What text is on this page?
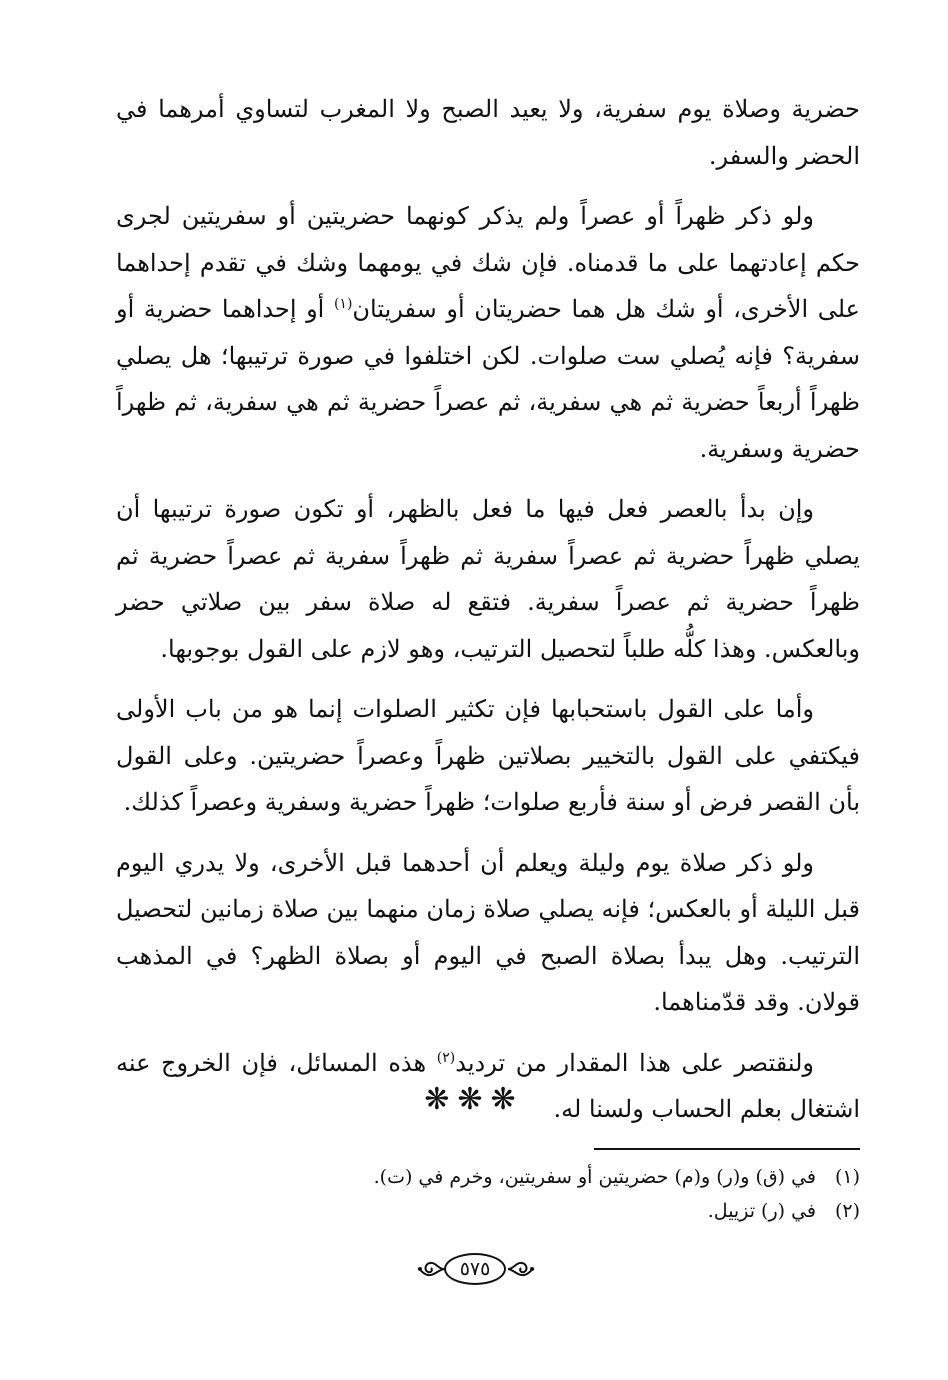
حضرية وصلاة يوم سفرية، ولا يعيد الصبح ولا المغرب لتساوي أمرهما في الحضر والسفر.

ولو ذكر ظهراً أو عصراً ولم يذكر كونهما حضريتين أو سفريتين لجرى حكم إعادتهما على ما قدمناه. فإن شك في يومهما وشك في تقدم إحداهما على الأخرى، أو شك هل هما حضريتان أو سفريتان$^{(١)}$ أو إحداهما حضرية أو سفرية؟ فإنه يُصلي ست صلوات. لكن اختلفوا في صورة ترتيبها؛ هل يصلي ظهراً أربعاً حضرية ثم هي سفرية، ثم عصراً حضرية ثم هي سفرية، ثم ظهراً حضرية وسفرية.

وإن بدأ بالعصر فعل فيها ما فعل بالظهر، أو تكون صورة ترتيبها أن يصلي ظهراً حضرية ثم عصراً سفرية ثم ظهراً سفرية ثم عصراً حضرية ثم ظهراً حضرية ثم عصراً سفرية. فتقع له صلاة سفر بين صلاتي حضر وبالعكس. وهذا كلُّه طلباً لتحصيل الترتيب، وهو لازم على القول بوجوبها.

وأما على القول باستحبابها فإن تكثير الصلوات إنما هو من باب الأولى فيكتفي على القول بالتخيير بصلاتين ظهراً وعصراً حضريتين. وعلى القول بأن القصر فرض أو سنة فأربع صلوات؛ ظهراً حضرية وسفرية وعصراً كذلك.

ولو ذكر صلاة يوم وليلة ويعلم أن أحدهما قبل الأخرى، ولا يدري اليوم قبل الليلة أو بالعكس؛ فإنه يصلي صلاة زمان منهما بين صلاة زمانين لتحصيل الترتيب. وهل يبدأ بصلاة الصبح في اليوم أو بصلاة الظهر؟ في المذهب قولان. وقد قدّمناهما.

ولنقتصر على هذا المقدار من ترديد$^{(٢)}$ هذه المسائل، فإن الخروج عنه اشتغال بعلم الحساب ولسنا له.

❋❋❋
(١)في (ق) و(ر) و(م) حضريتين أو سفريتين، وخرم في (ت).
(٢)في (ر) تزييل.
٥٧٥
